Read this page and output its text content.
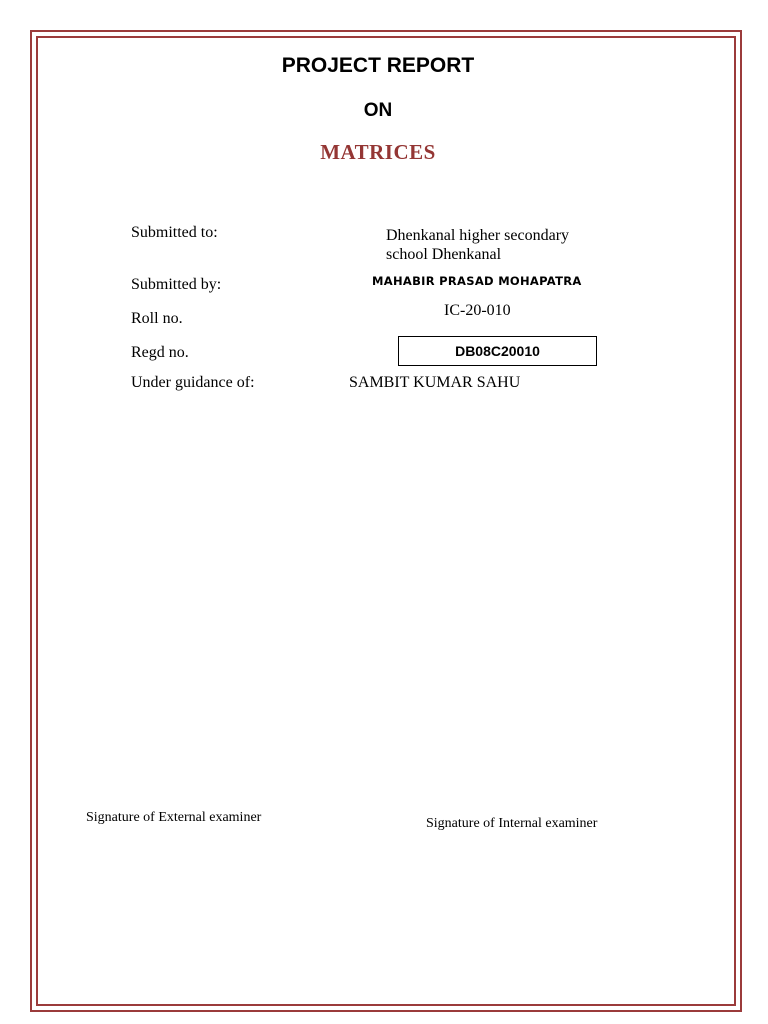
PROJECT REPORT
ON
MATRICES
Submitted to:	Dhenkanal higher secondary
school Dhenkanal
Submitted by:	MAHABIR PRASAD MOHAPATRA
Roll no.	IC-20-010
Regd no.	DB08C20010
Under guidance of:	SAMBIT KUMAR SAHU
Signature of External examiner	Signature of Internal examiner
